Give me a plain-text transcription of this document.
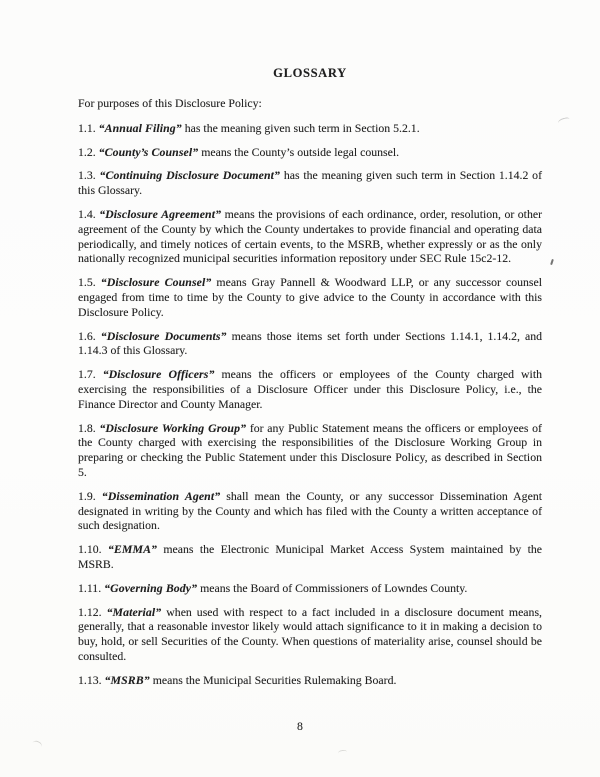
GLOSSARY

For purposes of this Disclosure Policy:

1.1. “Annual Filing” has the meaning given such term in Section 5.2.1.

1.2. “County’s Counsel” means the County’s outside legal counsel.

1.3. “Continuing Disclosure Document” has the meaning given such term in Section 1.14.2 of this Glossary.

1.4. “Disclosure Agreement” means the provisions of each ordinance, order, resolution, or other agreement of the County by which the County undertakes to provide financial and operating data periodically, and timely notices of certain events, to the MSRB, whether expressly or as the only nationally recognized municipal securities information repository under SEC Rule 15c2-12.

1.5. “Disclosure Counsel” means Gray Pannell & Woodward LLP, or any successor counsel engaged from time to time by the County to give advice to the County in accordance with this Disclosure Policy.

1.6. “Disclosure Documents” means those items set forth under Sections 1.14.1, 1.14.2, and 1.14.3 of this Glossary.

1.7. “Disclosure Officers” means the officers or employees of the County charged with exercising the responsibilities of a Disclosure Officer under this Disclosure Policy, i.e., the Finance Director and County Manager.

1.8. “Disclosure Working Group” for any Public Statement means the officers or employees of the County charged with exercising the responsibilities of the Disclosure Working Group in preparing or checking the Public Statement under this Disclosure Policy, as described in Section 5.

1.9. “Dissemination Agent” shall mean the County, or any successor Dissemination Agent designated in writing by the County and which has filed with the County a written acceptance of such designation.

1.10. “EMMA” means the Electronic Municipal Market Access System maintained by the MSRB.

1.11. “Governing Body” means the Board of Commissioners of Lowndes County.

1.12. “Material” when used with respect to a fact included in a disclosure document means, generally, that a reasonable investor likely would attach significance to it in making a decision to buy, hold, or sell Securities of the County. When questions of materiality arise, counsel should be consulted.

1.13. “MSRB” means the Municipal Securities Rulemaking Board.

8
